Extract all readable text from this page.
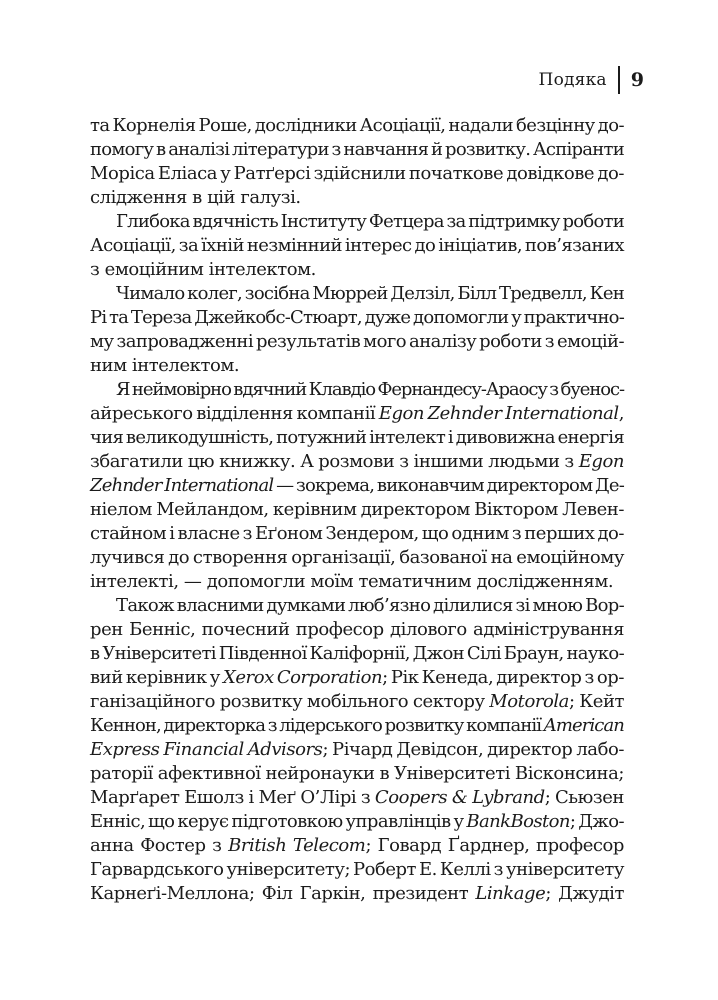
Подяка 9
та Корнелія Роше, дослідники Асоціації, надали безцінну до-
помогу в аналізі літератури з навчання й розвитку. Аспіранти
Моріса Еліаса у Ратґерсі здійснили початкове довідкове до-
слідження в цій галузі.
Глибока вдячність Інституту Фетцера за підтримку роботи
Асоціації, за їхній незмінний інтерес до ініціатив, пов’язаних
з емоційним інтелектом.
Чимало колег, зосібна Мюррей Делзіл, Білл Тредвелл, Кен
Рі та Тереза Джейкобс-Стюарт, дуже допомогли у практично-
му запровадженні результатів мого аналізу роботи з емоцій-
ним інтелектом.
Я неймовірно вдячний Клавдіо Фернандесу-Араосу з буенос-
айреського відділення компанії Egon Zehnder International,
чия великодушність, потужний інтелект і дивовижна енергія
збагатили цю книжку. А розмови з іншими людьми з Egon
Zehnder International — зокрема, виконавчим директором Де-
ніелом Мейландом, керівним директором Віктором Левен-
стайном і власне з Еґоном Зендером, що одним з перших до-
лучився до створення організації, базованої на емоційному
інтелекті, — допомогли моїм тематичним дослідженням.
Також власними думками люб’язно ділилися зі мною Вор-
рен Бенніс, почесний професор ділового адміністрування
в Університеті Південної Каліфорнії, Джон Сілі Браун, науко-
вий керівник у Xerox Corporation; Рік Кенеда, директор з ор-
ганізаційного розвитку мобільного сектору Motorola; Кейт
Кеннон, директорка з лідерського розвитку компанії American
Express Financial Advisors; Річард Девідсон, директор лабо-
раторії афективної нейронауки в Університеті Вісконсина;
Марґарет Ешолз і Меґ О’Лірі з Coopers & Lybrand; Сьюзен
Енніс, що керує підготовкою управлінців у BankBoston; Джо-
анна Фостер з British Telecom; Говард Ґарднер, професор
Гарвардського університету; Роберт Е. Келлі з університету
Карнеґі-Меллона; Філ Гаркін, президент Linkage; Джудіт
